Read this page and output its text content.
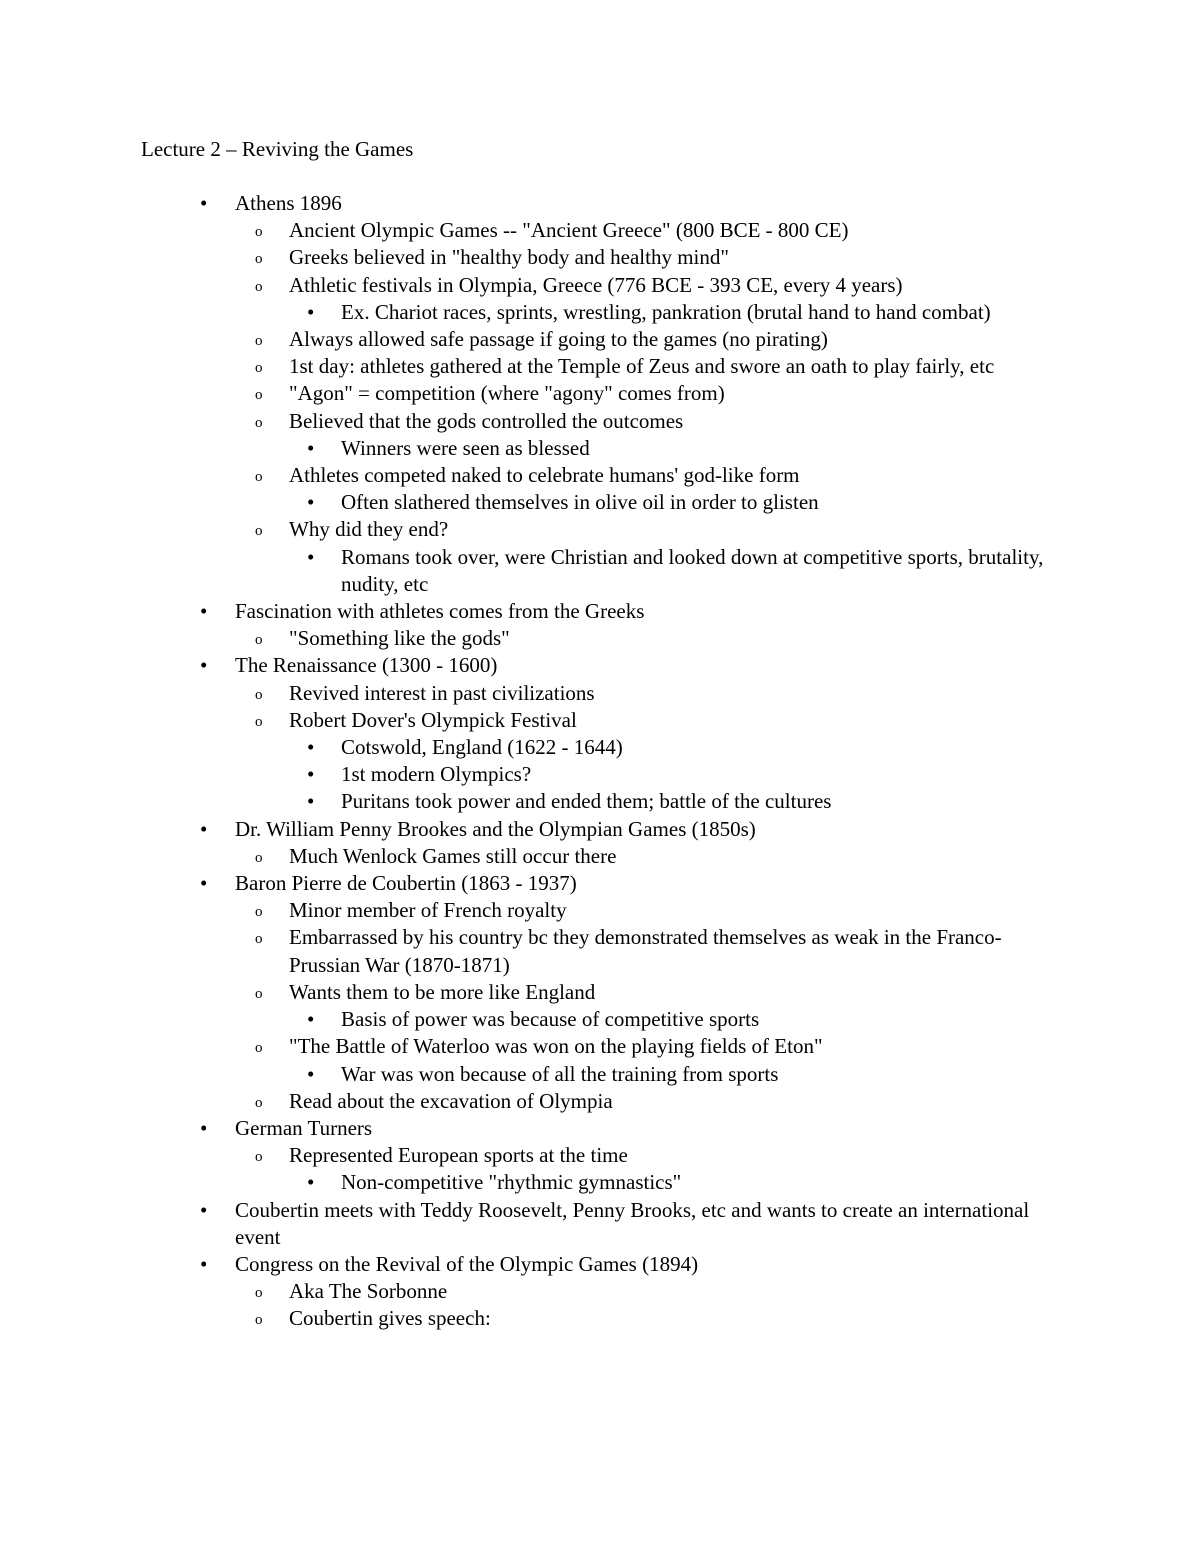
Lecture 2 – Reviving the Games
• Athens 1896
o Ancient Olympic Games -- "Ancient Greece" (800 BCE - 800 CE)
o Greeks believed in "healthy body and healthy mind"
o Athletic festivals in Olympia, Greece (776 BCE - 393 CE, every 4 years)
• Ex. Chariot races, sprints, wrestling, pankration (brutal hand to hand combat)
o Always allowed safe passage if going to the games (no pirating)
o 1st day: athletes gathered at the Temple of Zeus and swore an oath to play fairly, etc
o "Agon" = competition (where "agony" comes from)
o Believed that the gods controlled the outcomes
• Winners were seen as blessed
o Athletes competed naked to celebrate humans' god-like form
• Often slathered themselves in olive oil in order to glisten
o Why did they end?
• Romans took over, were Christian and looked down at competitive sports, brutality, nudity, etc
• Fascination with athletes comes from the Greeks
o "Something like the gods"
• The Renaissance (1300 - 1600)
o Revived interest in past civilizations
o Robert Dover's Olympick Festival
• Cotswold, England (1622 - 1644)
• 1st modern Olympics?
• Puritans took power and ended them; battle of the cultures
• Dr. William Penny Brookes and the Olympian Games (1850s)
o Much Wenlock Games still occur there
• Baron Pierre de Coubertin (1863 - 1937)
o Minor member of French royalty
o Embarrassed by his country bc they demonstrated themselves as weak in the Franco-Prussian War (1870-1871)
o Wants them to be more like England
• Basis of power was because of competitive sports
o "The Battle of Waterloo was won on the playing fields of Eton"
• War was won because of all the training from sports
o Read about the excavation of Olympia
• German Turners
o Represented European sports at the time
• Non-competitive "rhythmic gymnastics"
• Coubertin meets with Teddy Roosevelt, Penny Brooks, etc and wants to create an international event
• Congress on the Revival of the Olympic Games (1894)
o Aka The Sorbonne
o Coubertin gives speech:
